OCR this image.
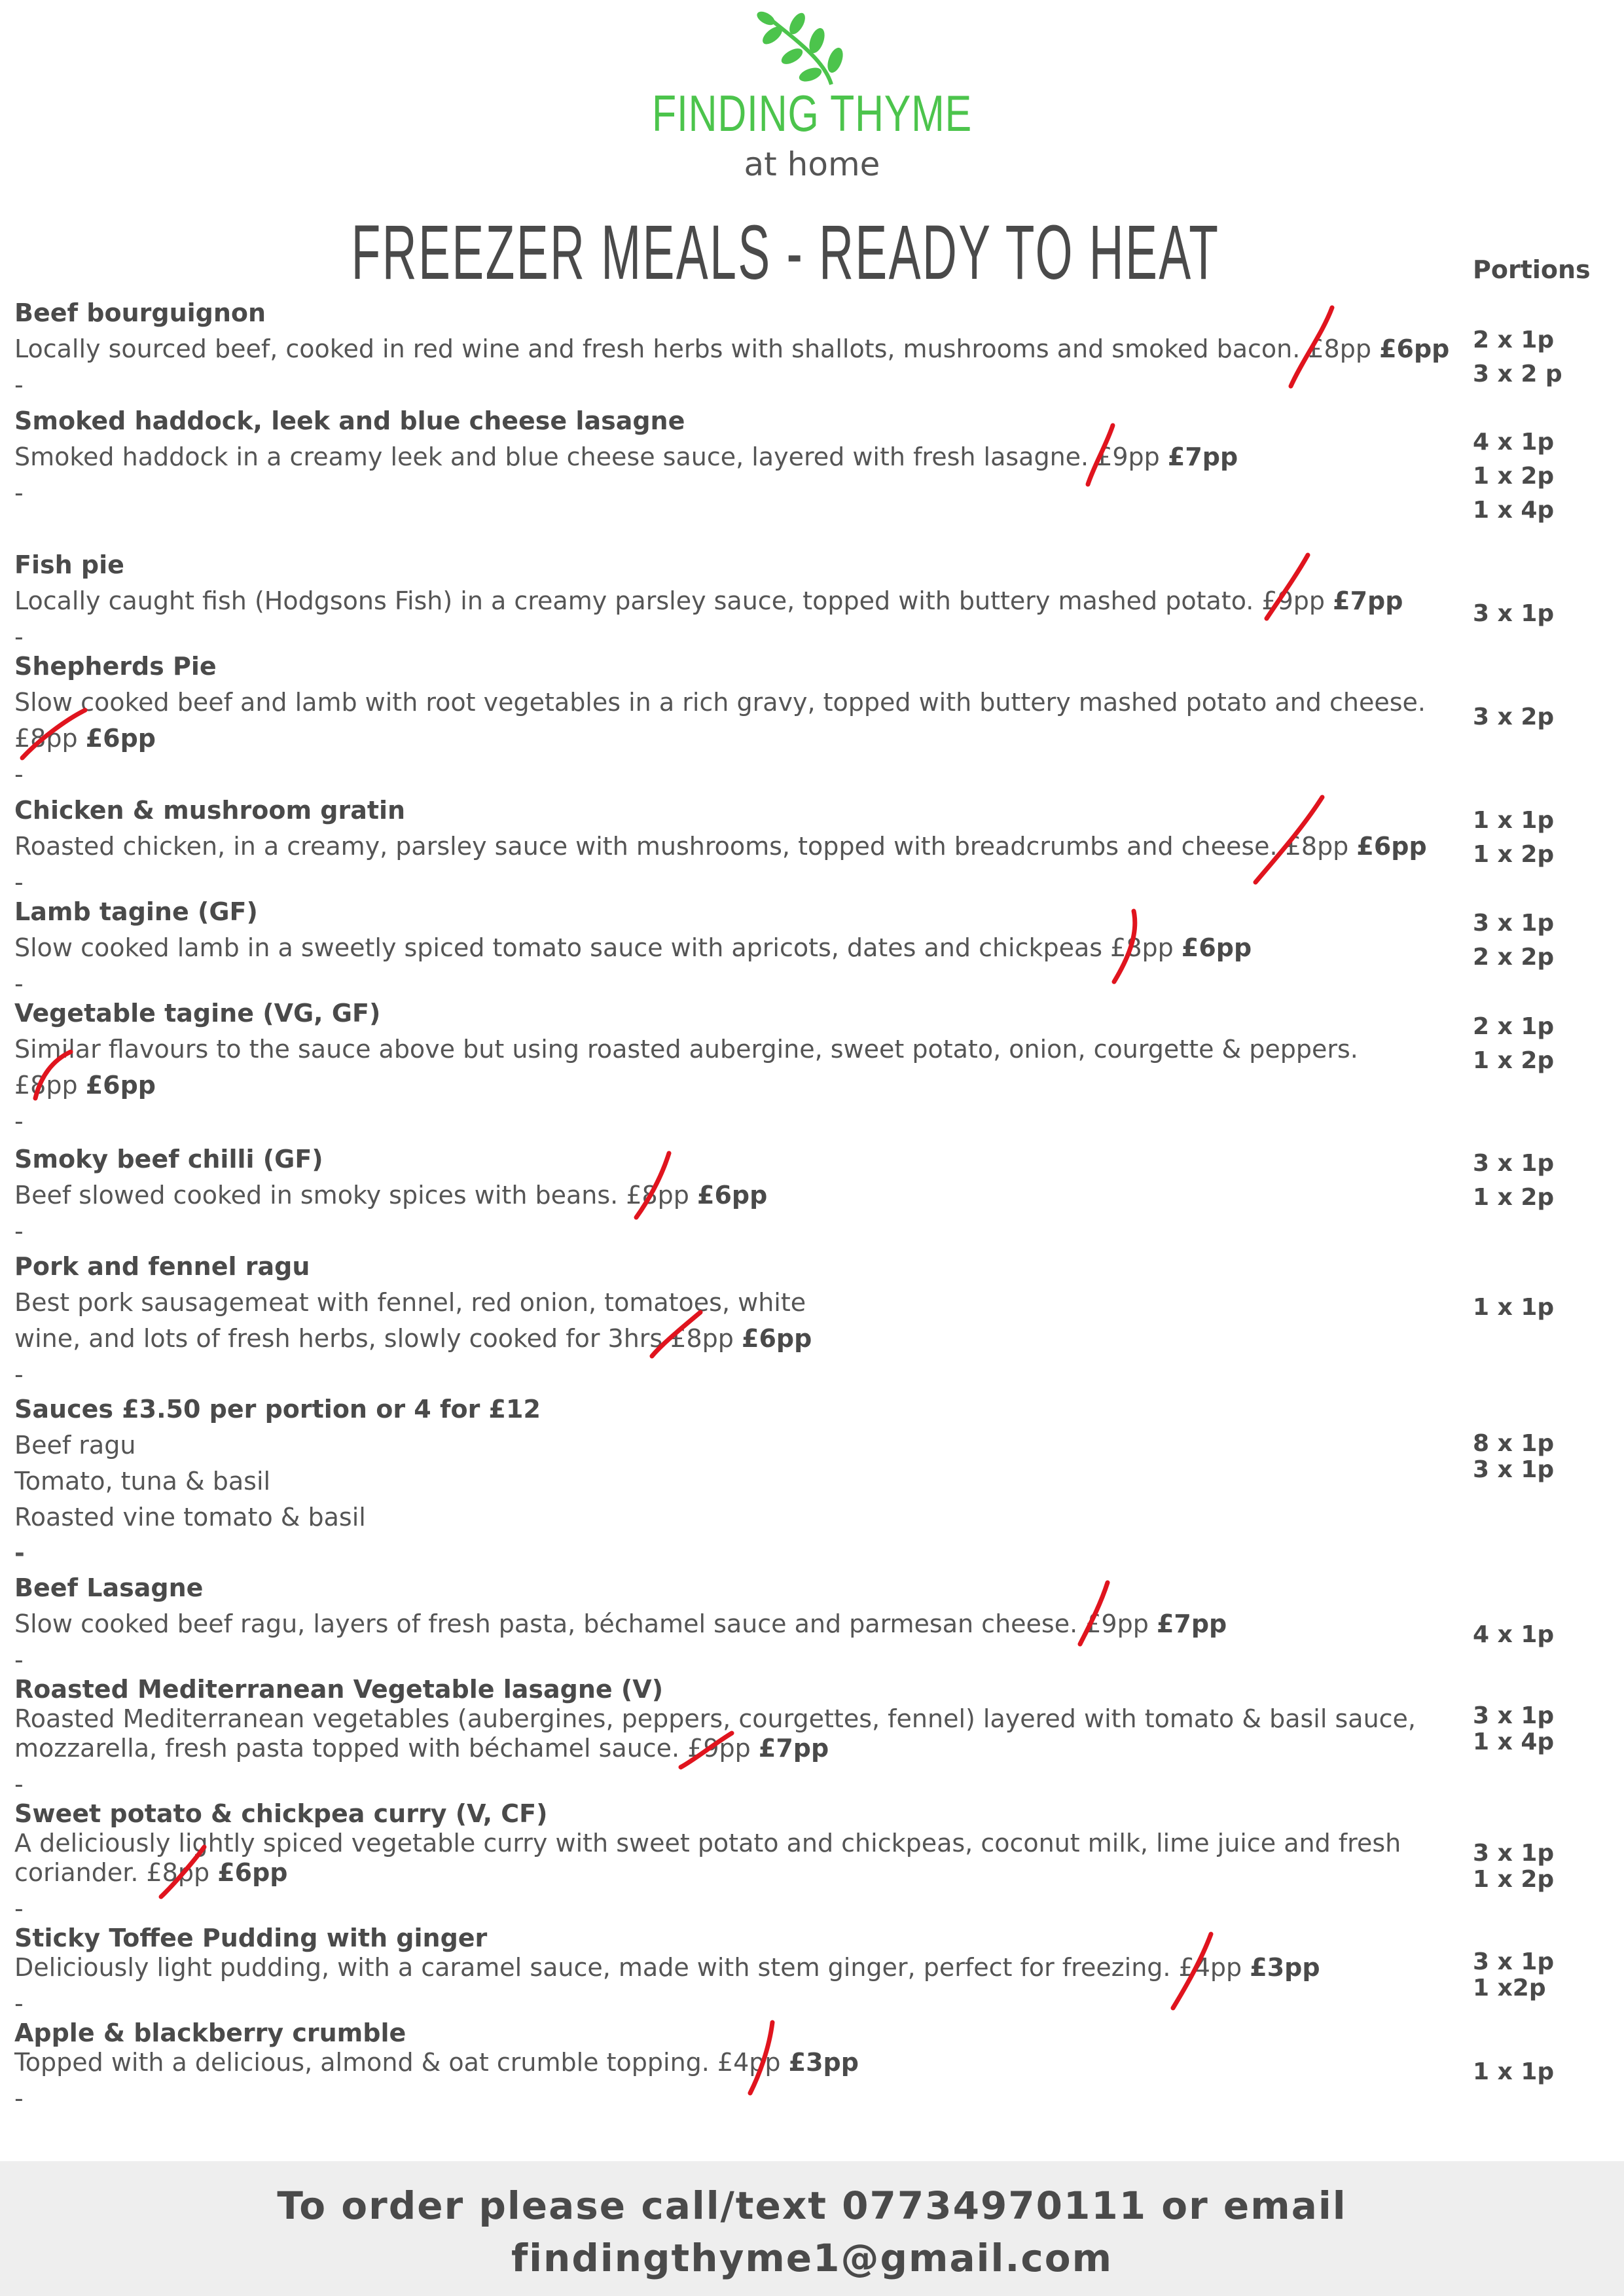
FINDING THYME
at home
FREEZER MEALS - READY TO HEAT	Portions
Beef bourguignon
Locally sourced beef, cooked in red wine and fresh herbs with shallots, mushrooms and smoked bacon. £8pp £6pp
-
2 x 1p
3 x 2 p
Smoked haddock, leek and blue cheese lasagne
Smoked haddock in a creamy leek and blue cheese sauce, layered with fresh lasagne. £9pp £7pp
-
4 x 1p
1 x 2p
1 x 4p
Fish pie
Locally caught fish (Hodgsons Fish) in a creamy parsley sauce, topped with buttery mashed potato. £9pp £7pp
-
3 x 1p
Shepherds Pie
Slow cooked beef and lamb with root vegetables in a rich gravy, topped with buttery mashed potato and cheese.
£8pp £6pp
-
3 x 2p
Chicken & mushroom gratin
Roasted chicken, in a creamy, parsley sauce with mushrooms, topped with breadcrumbs and cheese. £8pp £6pp
-
1 x 1p
1 x 2p
Lamb tagine (GF)
Slow cooked lamb in a sweetly spiced tomato sauce with apricots, dates and chickpeas £8pp £6pp
-
3 x 1p
2 x 2p
Vegetable tagine (VG, GF)
Similar flavours to the sauce above but using roasted aubergine, sweet potato, onion, courgette & peppers.
£8pp £6pp
-
2 x 1p
1 x 2p
Smoky beef chilli (GF)
Beef slowed cooked in smoky spices with beans. £8pp £6pp
-
3 x 1p
1 x 2p
Pork and fennel ragu
Best pork sausagemeat with fennel, red onion, tomatoes, white
wine, and lots of fresh herbs, slowly cooked for 3hrs £8pp £6pp
-
1 x 1p
Sauces £3.50 per portion or 4 for £12
Beef ragu
Tomato, tuna & basil
Roasted vine tomato & basil
-
8 x 1p
3 x 1p
Beef Lasagne
Slow cooked beef ragu, layers of fresh pasta, béchamel sauce and parmesan cheese. £9pp £7pp
-
4 x 1p
Roasted Mediterranean Vegetable lasagne (V)
Roasted Mediterranean vegetables (aubergines, peppers, courgettes, fennel) layered with tomato & basil sauce,
mozzarella, fresh pasta topped with béchamel sauce. £9pp £7pp
-
3 x 1p
1 x 4p
Sweet potato & chickpea curry (V, CF)
A deliciously lightly spiced vegetable curry with sweet potato and chickpeas, coconut milk, lime juice and fresh
coriander. £8pp £6pp
-
3 x 1p
1 x 2p
Sticky Toffee Pudding with ginger
Deliciously light pudding, with a caramel sauce, made with stem ginger, perfect for freezing. £4pp £3pp
-
3 x 1p
1 x2p
Apple & blackberry crumble
Topped with a delicious, almond & oat crumble topping. £4pp £3pp
-
1 x 1p
To order please call/text 07734970111 or email
findingthyme1@gmail.com
